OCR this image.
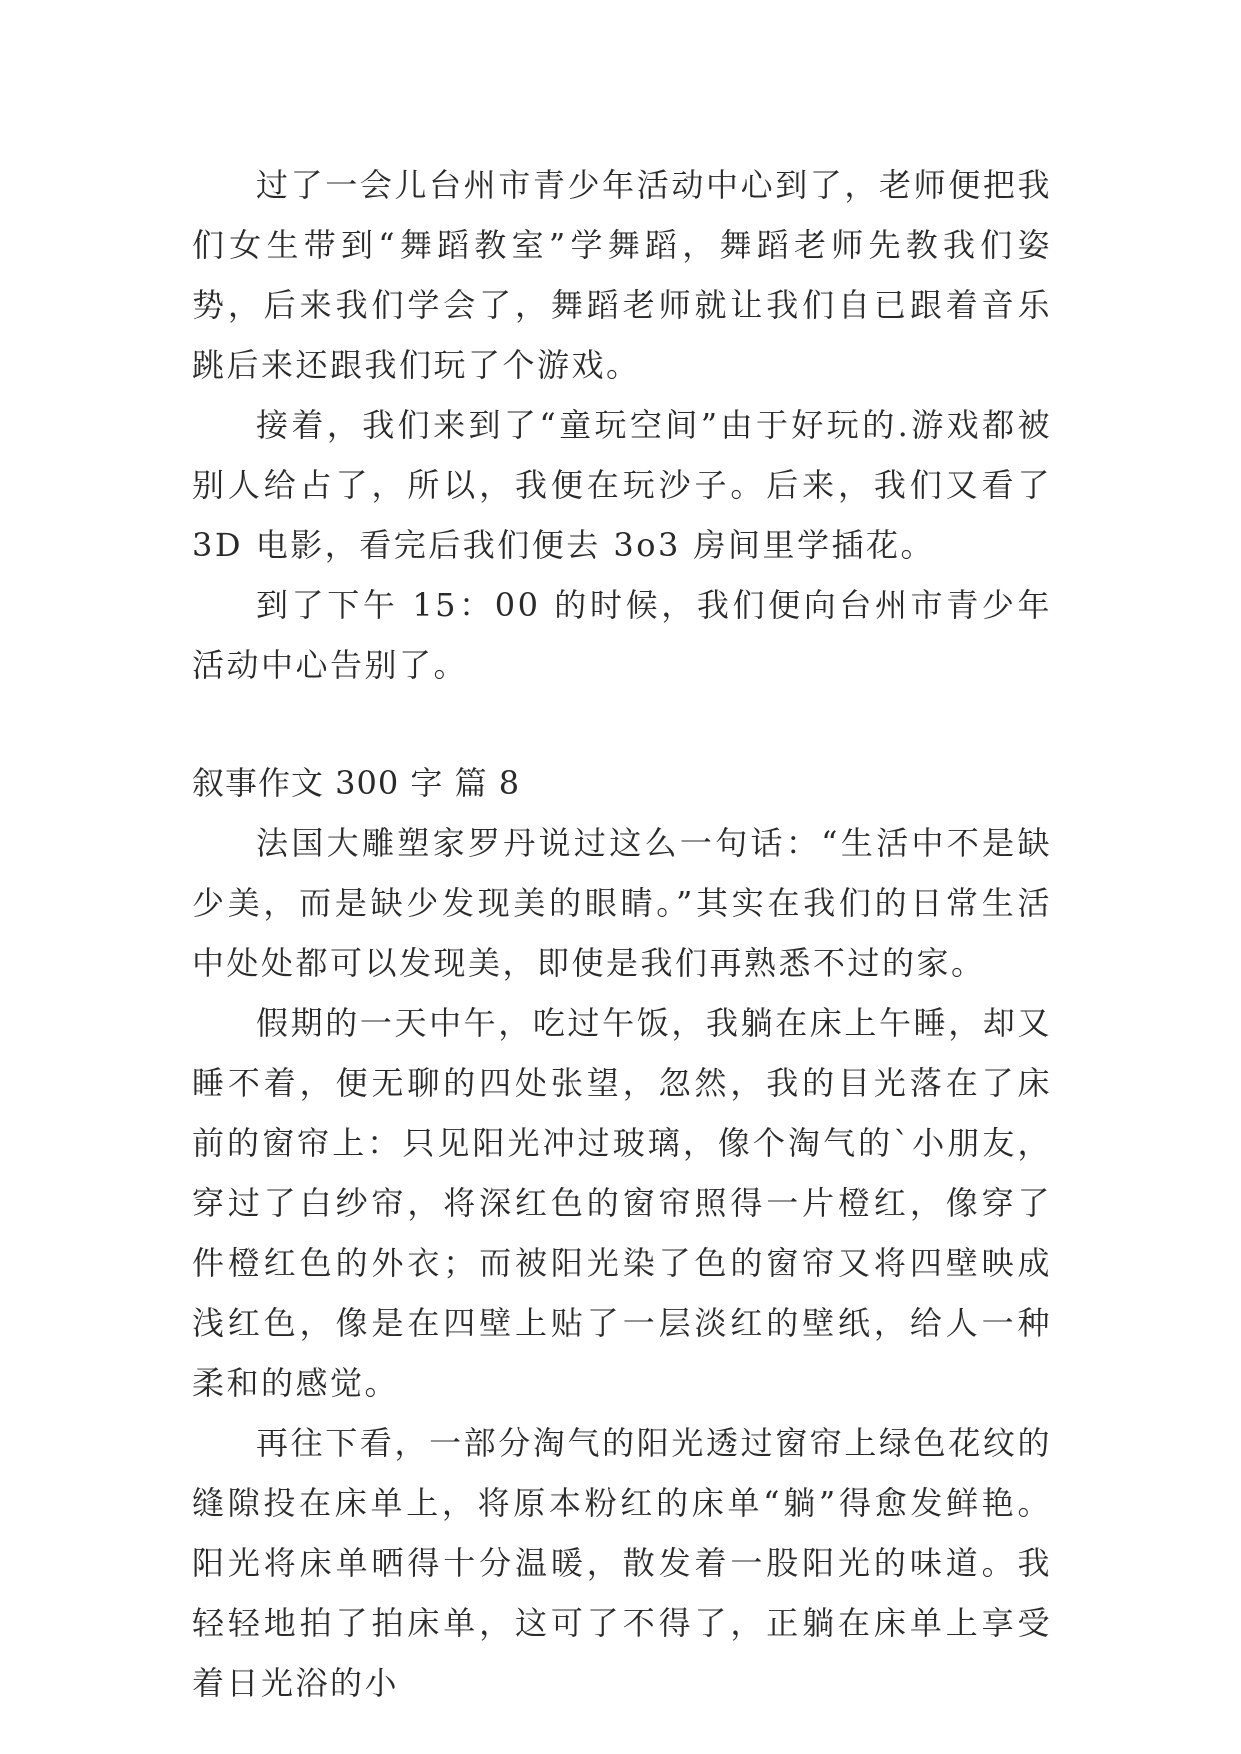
过了一会儿台州市青少年活动中心到了，老师便把我们女生带到“舞蹈教室”学舞蹈，舞蹈老师先教我们姿势，后来我们学会了，舞蹈老师就让我们自已跟着音乐跳后来还跟我们玩了个游戏。

接着，我们来到了“童玩空间”由于好玩的.游戏都被别人给占了，所以，我便在玩沙子。后来，我们又看了 3D 电影，看完后我们便去 3o3 房间里学插花。

到了下午 15：00 的时候，我们便向台州市青少年活动中心告别了。

叙事作文 300 字 篇 8

法国大雕塑家罗丹说过这么一句话：“生活中不是缺少美，而是缺少发现美的眼睛。”其实在我们的日常生活中处处都可以发现美，即使是我们再熟悉不过的家。

假期的一天中午，吃过午饭，我躺在床上午睡，却又睡不着，便无聊的四处张望，忽然，我的目光落在了床前的窗帘上：只见阳光冲过玻璃，像个淘气的`小朋友，穿过了白纱帘，将深红色的窗帘照得一片橙红，像穿了件橙红色的外衣；而被阳光染了色的窗帘又将四壁映成浅红色，像是在四壁上贴了一层淡红的壁纸，给人一种柔和的感觉。

再往下看，一部分淘气的阳光透过窗帘上绿色花纹的缝隙投在床单上，将原本粉红的床单“躺”得愈发鲜艳。阳光将床单晒得十分温暖，散发着一股阳光的味道。我轻轻地拍了拍床单，这可了不得了，正躺在床单上享受着日光浴的小
